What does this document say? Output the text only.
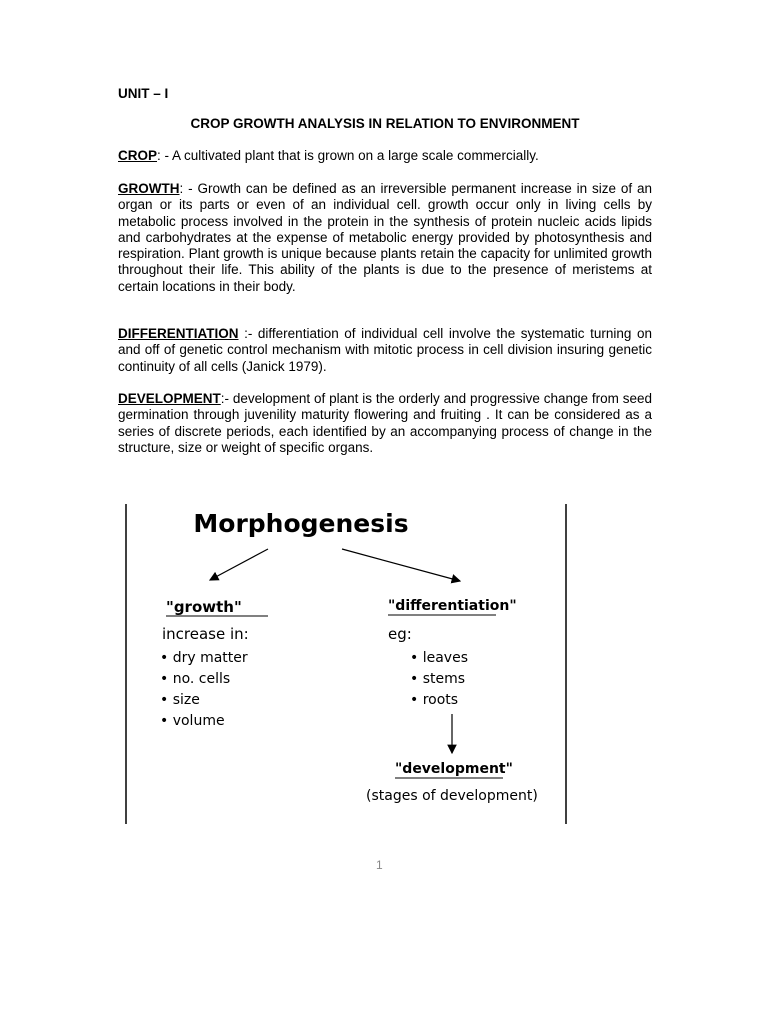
UNIT – I
CROP GROWTH ANALYSIS IN RELATION TO ENVIRONMENT
CROP: - A cultivated plant that is grown on a large scale commercially.
GROWTH: - Growth can be defined as an irreversible permanent increase in size of an organ or its parts or even of an individual cell. growth occur only in living cells by metabolic process involved in the protein in the synthesis of protein nucleic acids lipids and carbohydrates at the expense of metabolic energy provided by photosynthesis and respiration. Plant growth is unique because plants retain the capacity for unlimited growth throughout their life. This ability of the plants is due to the presence of meristems at certain locations in their body.
DIFFERENTIATION :- differentiation of individual cell involve the systematic turning on and off of genetic control mechanism with mitotic process in cell division insuring genetic continuity of all cells (Janick 1979).
DEVELOPMENT:- development of plant is the orderly and progressive change from seed germination through juvenility maturity flowering and fruiting . It can be considered as a series of discrete periods, each identified by an accompanying process of change in the structure, size or weight of specific organs.
Morphogenesis
"growth"
increase in:
• dry matter
• no. cells
• size
• volume
"differentiation"
eg:
• leaves
• stems
• roots
"development"
(stages of development)
1
